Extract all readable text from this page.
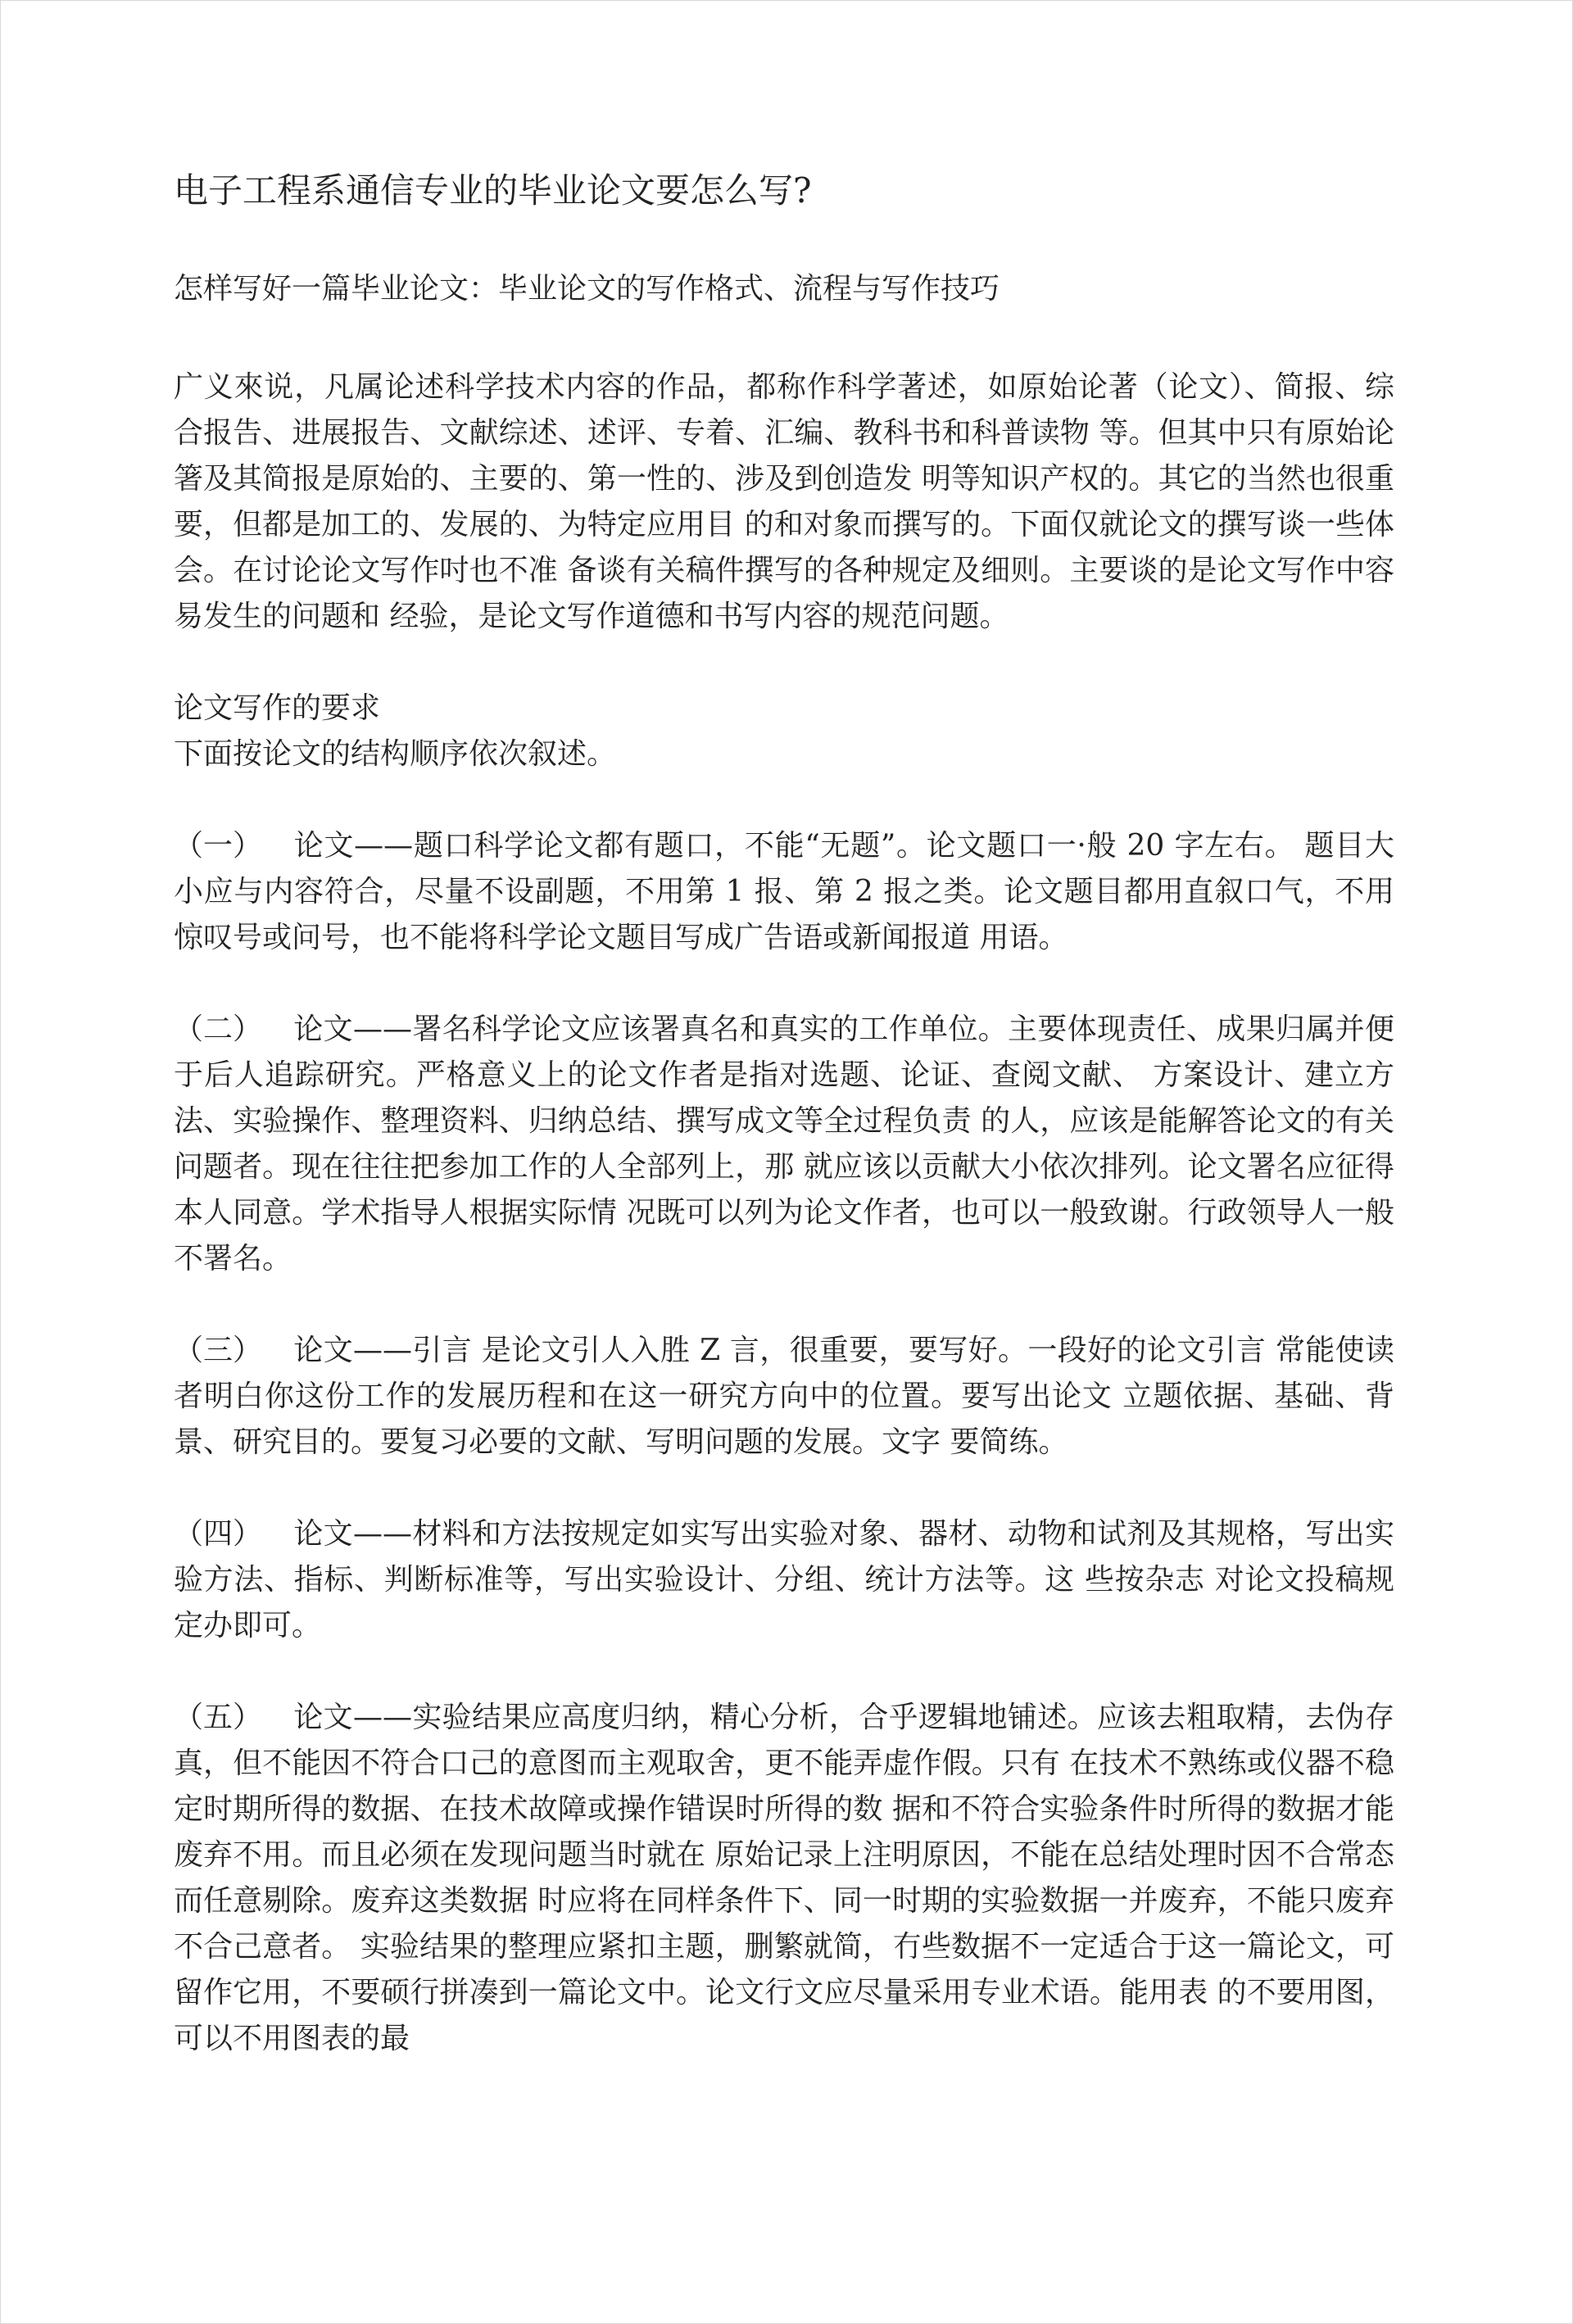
电子工程系通信专业的毕业论文要怎么写?

怎样写好一篇毕业论文：毕业论文的写作格式、流程与写作技巧

广义來说，凡属论述科学技术内容的作品，都称作科学著述，如原始论著（论文）、简报、综合报告、进展报告、文献综述、述评、专着、汇编、教科书和科普读物 等。但其中只有原始论箸及其简报是原始的、主要的、第一性的、涉及到创造发 明等知识产权的。其它的当然也很重要，但都是加工的、发展的、为特定应用目 的和对象而撰写的。下面仅就论文的撰写谈一些体会。在讨论论文写作吋也不准 备谈有关稿件撰写的各种规定及细则。主要谈的是论文写作中容易发生的问题和 经验，是论文写作道德和书写内容的规范问题。

论文写作的要求

下面按论文的结构顺序依次叙述。

（一） 论文——题口科学论文都有题口，不能“无题”。论文题口一·般 20 字左右。 题目大小应与内容符合，尽量不设副题，不用第 1 报、第 2 报之类。论文题目都用直叙口气，不用惊叹号或问号，也不能将科学论文题目写成广告语或新闻报道 用语。

（二） 论文——署名科学论文应该署真名和真实的工作单位。主要体现责任、成果归属并便于后人追踪研究。严格意义上的论文作者是指对选题、论证、查阅文献、 方案设计、建立方法、实验操作、整理资料、归纳总结、撰写成文等全过程负责 的人，应该是能解答论文的有关问题者。现在往往把参加工作的人全部列上，那 就应该以贡献大小依次排列。论文署名应征得本人同意。学术指导人根据实际情 况既可以列为论文作者，也可以一般致谢。行政领导人一般不署名。

（三） 论文——引言 是论文引人入胜 Z 言，很重要，要写好。一段好的论文引言 常能使读者明白你这份工作的发展历程和在这一研究方向中的位置。要写出论文 立题依据、基础、背景、研究目的。要复习必要的文献、写明问题的发展。文字 要简练。

（四） 论文——材料和方法按规定如实写出实验对象、器材、动物和试剂及其规格，写出实验方法、指标、判断标准等，写出实验设计、分组、统计方法等。这 些按杂志 对论文投稿规定办即可。

（五） 论文——实验结果应高度归纳，精心分析，合乎逻辑地铺述。应该去粗取精，去伪存真，但不能因不符合口己的意图而主观取舍，更不能弄虚作假。只有 在技术不熟练或仪器不稳定时期所得的数据、在技术故障或操作错误时所得的数 据和不符合实验条件时所得的数据才能废弃不用。而且必须在发现问题当时就在 原始记录上注明原因，不能在总结处理时因不合常态而任意剔除。废弃这类数据 时应将在同样条件下、同一时期的实验数据一并废弃，不能只废弃不合己意者。 实验结果的整理应紧扣主题，删繁就简，冇些数据不一定适合于这一篇论文，可 留作它用，不要硕行拼凑到一篇论文中。论文行文应尽量采用专业术语。能用表 的不要用图，可以不用图表的最
